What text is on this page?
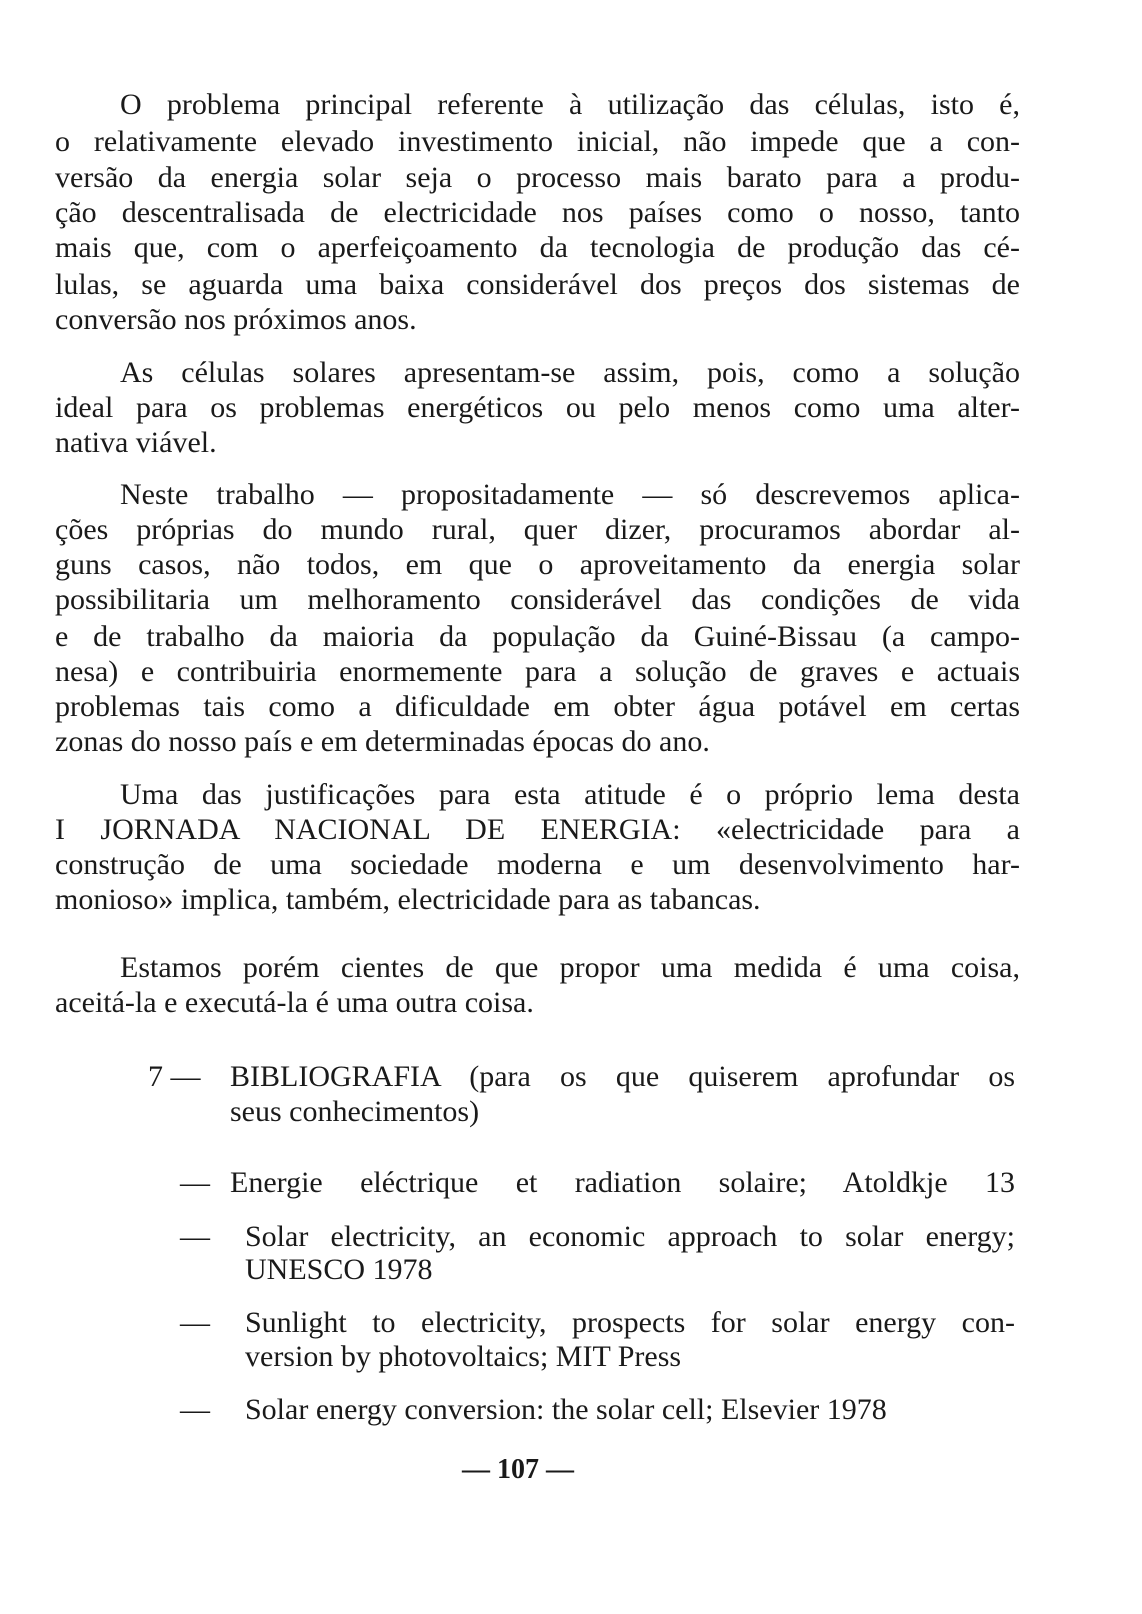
O problema principal referente à utilização das células, isto é,
o relativamente elevado investimento inicial, não impede que a con-
versão da energia solar seja o processo mais barato para a produ-
ção descentralisada de electricidade nos países como o nosso, tanto
mais que, com o aperfeiçoamento da tecnologia de produção das cé-
lulas, se aguarda uma baixa considerável dos preços dos sistemas de
conversão nos próximos anos.
As células solares apresentam-se assim, pois, como a solução
ideal para os problemas energéticos ou pelo menos como uma alter-
nativa viável.
Neste trabalho — propositadamente — só descrevemos aplica-
ções próprias do mundo rural, quer dizer, procuramos abordar al-
guns casos, não todos, em que o aproveitamento da energia solar
possibilitaria um melhoramento considerável das condições de vida
e de trabalho da maioria da população da Guiné-Bissau (a campo-
nesa) e contribuiria enormemente para a solução de graves e actuais
problemas tais como a dificuldade em obter água potável em certas
zonas do nosso país e em determinadas épocas do ano.
Uma das justificações para esta atitude é o próprio lema desta
I JORNADA NACIONAL DE ENERGIA: «electricidade para a
construção de uma sociedade moderna e um desenvolvimento har-
monioso» implica, também, electricidade para as tabancas.
Estamos porém cientes de que propor uma medida é uma coisa,
aceitá-la e executá-la é uma outra coisa.
7 — BIBLIOGRAFIA (para os que quiserem aprofundar os
seus conhecimentos)
— Energie eléctrique et radiation solaire; Atoldkje 13
— Solar electricity, an economic approach to solar energy;
UNESCO 1978
— Sunlight to electricity, prospects for solar energy con-
version by photovoltaics; MIT Press
— Solar energy conversion: the solar cell; Elsevier 1978
— 107 —
